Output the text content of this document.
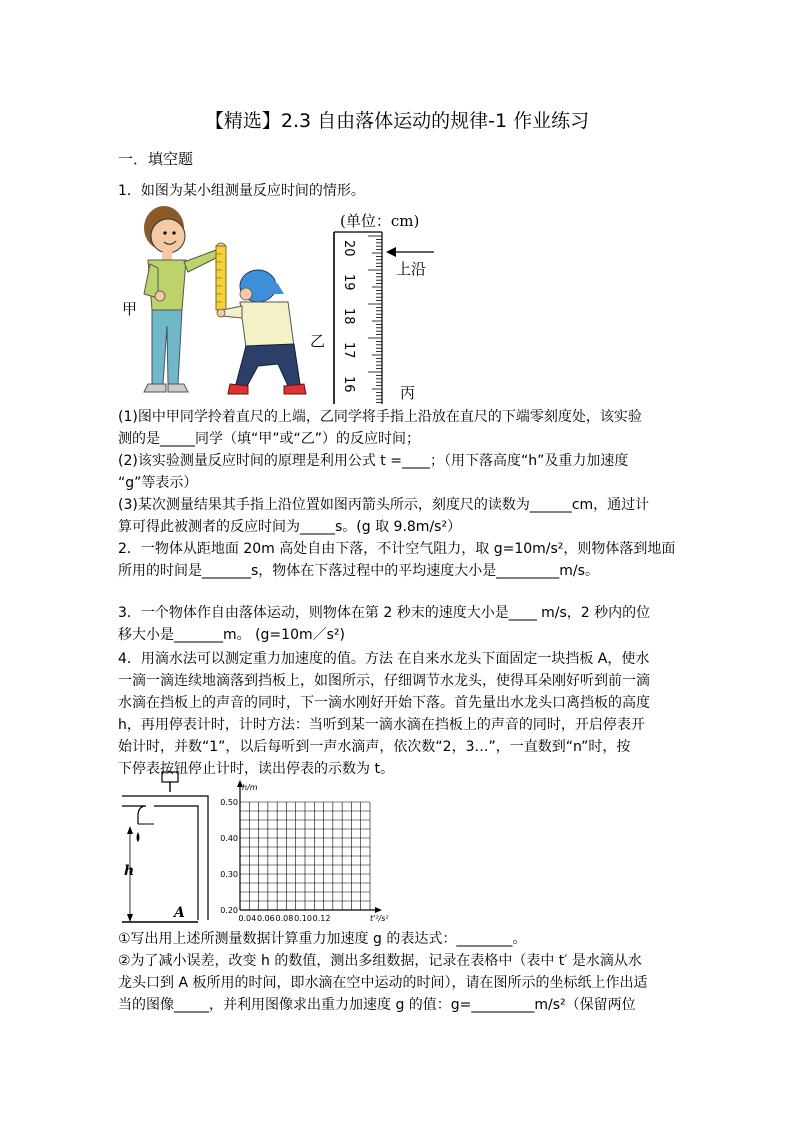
【精选】2.3 自由落体运动的规律-1 作业练习
一．填空题
1．如图为某小组测量反应时间的情形。
甲
乙
(单位：cm)
20
19
18
17
16
上沿
丙
(1)图中甲同学拎着直尺的上端，乙同学将手指上沿放在直尺的下端零刻度处，该实验
测的是_____同学（填“甲”或“乙”）的反应时间；
(2)该实验测量反应时间的原理是利用公式 t =____；（用下落高度“h”及重力加速度
“g”等表示）
(3)某次测量结果其手指上沿位置如图丙箭头所示，刻度尺的读数为______cm，通过计
算可得此被测者的反应时间为_____s。(g 取 9.8m/s²）
2．一物体从距地面 20m 高处自由下落，不计空气阻力，取 g=10m/s²，则物体落到地面
所用的时间是_______s，物体在下落过程中的平均速度大小是_________m/s。
3．一个物体作自由落体运动，则物体在第 2 秒末的速度大小是____ m/s，2 秒内的位
移大小是_______m。 (g=10m／s²)
4．用滴水法可以测定重力加速度的值。方法 在自来水龙头下面固定一块挡板 A，使水
一滴一滴连续地滴落到挡板上，如图所示，仔细调节水龙头，使得耳朵刚好听到前一滴
水滴在挡板上的声音的同时，下一滴水刚好开始下落。首先量出水龙头口离挡板的高度
h，再用停表计时，计时方法：当听到某一滴水滴在挡板上的声音的同时，开启停表开
始计时，并数“1”，以后每听到一声水滴声，依次数“2，3…”，一直数到“n”时，按
下停表按钮停止计时，读出停表的示数为 t。
h
A
0.50
0.40
0.30
0.20
0.04 0.06 0.08 0.10 0.12
h/m
t'²/s²
①写出用上述所测量数据计算重力加速度 g 的表达式：________。
②为了减小误差，改变 h 的数值，测出多组数据，记录在表格中（表中 t′ 是水滴从水
龙头口到 A 板所用的时间，即水滴在空中运动的时间），请在图所示的坐标纸上作出适
当的图像_____，并利用图像求出重力加速度 g 的值：g=_________m/s²（保留两位
